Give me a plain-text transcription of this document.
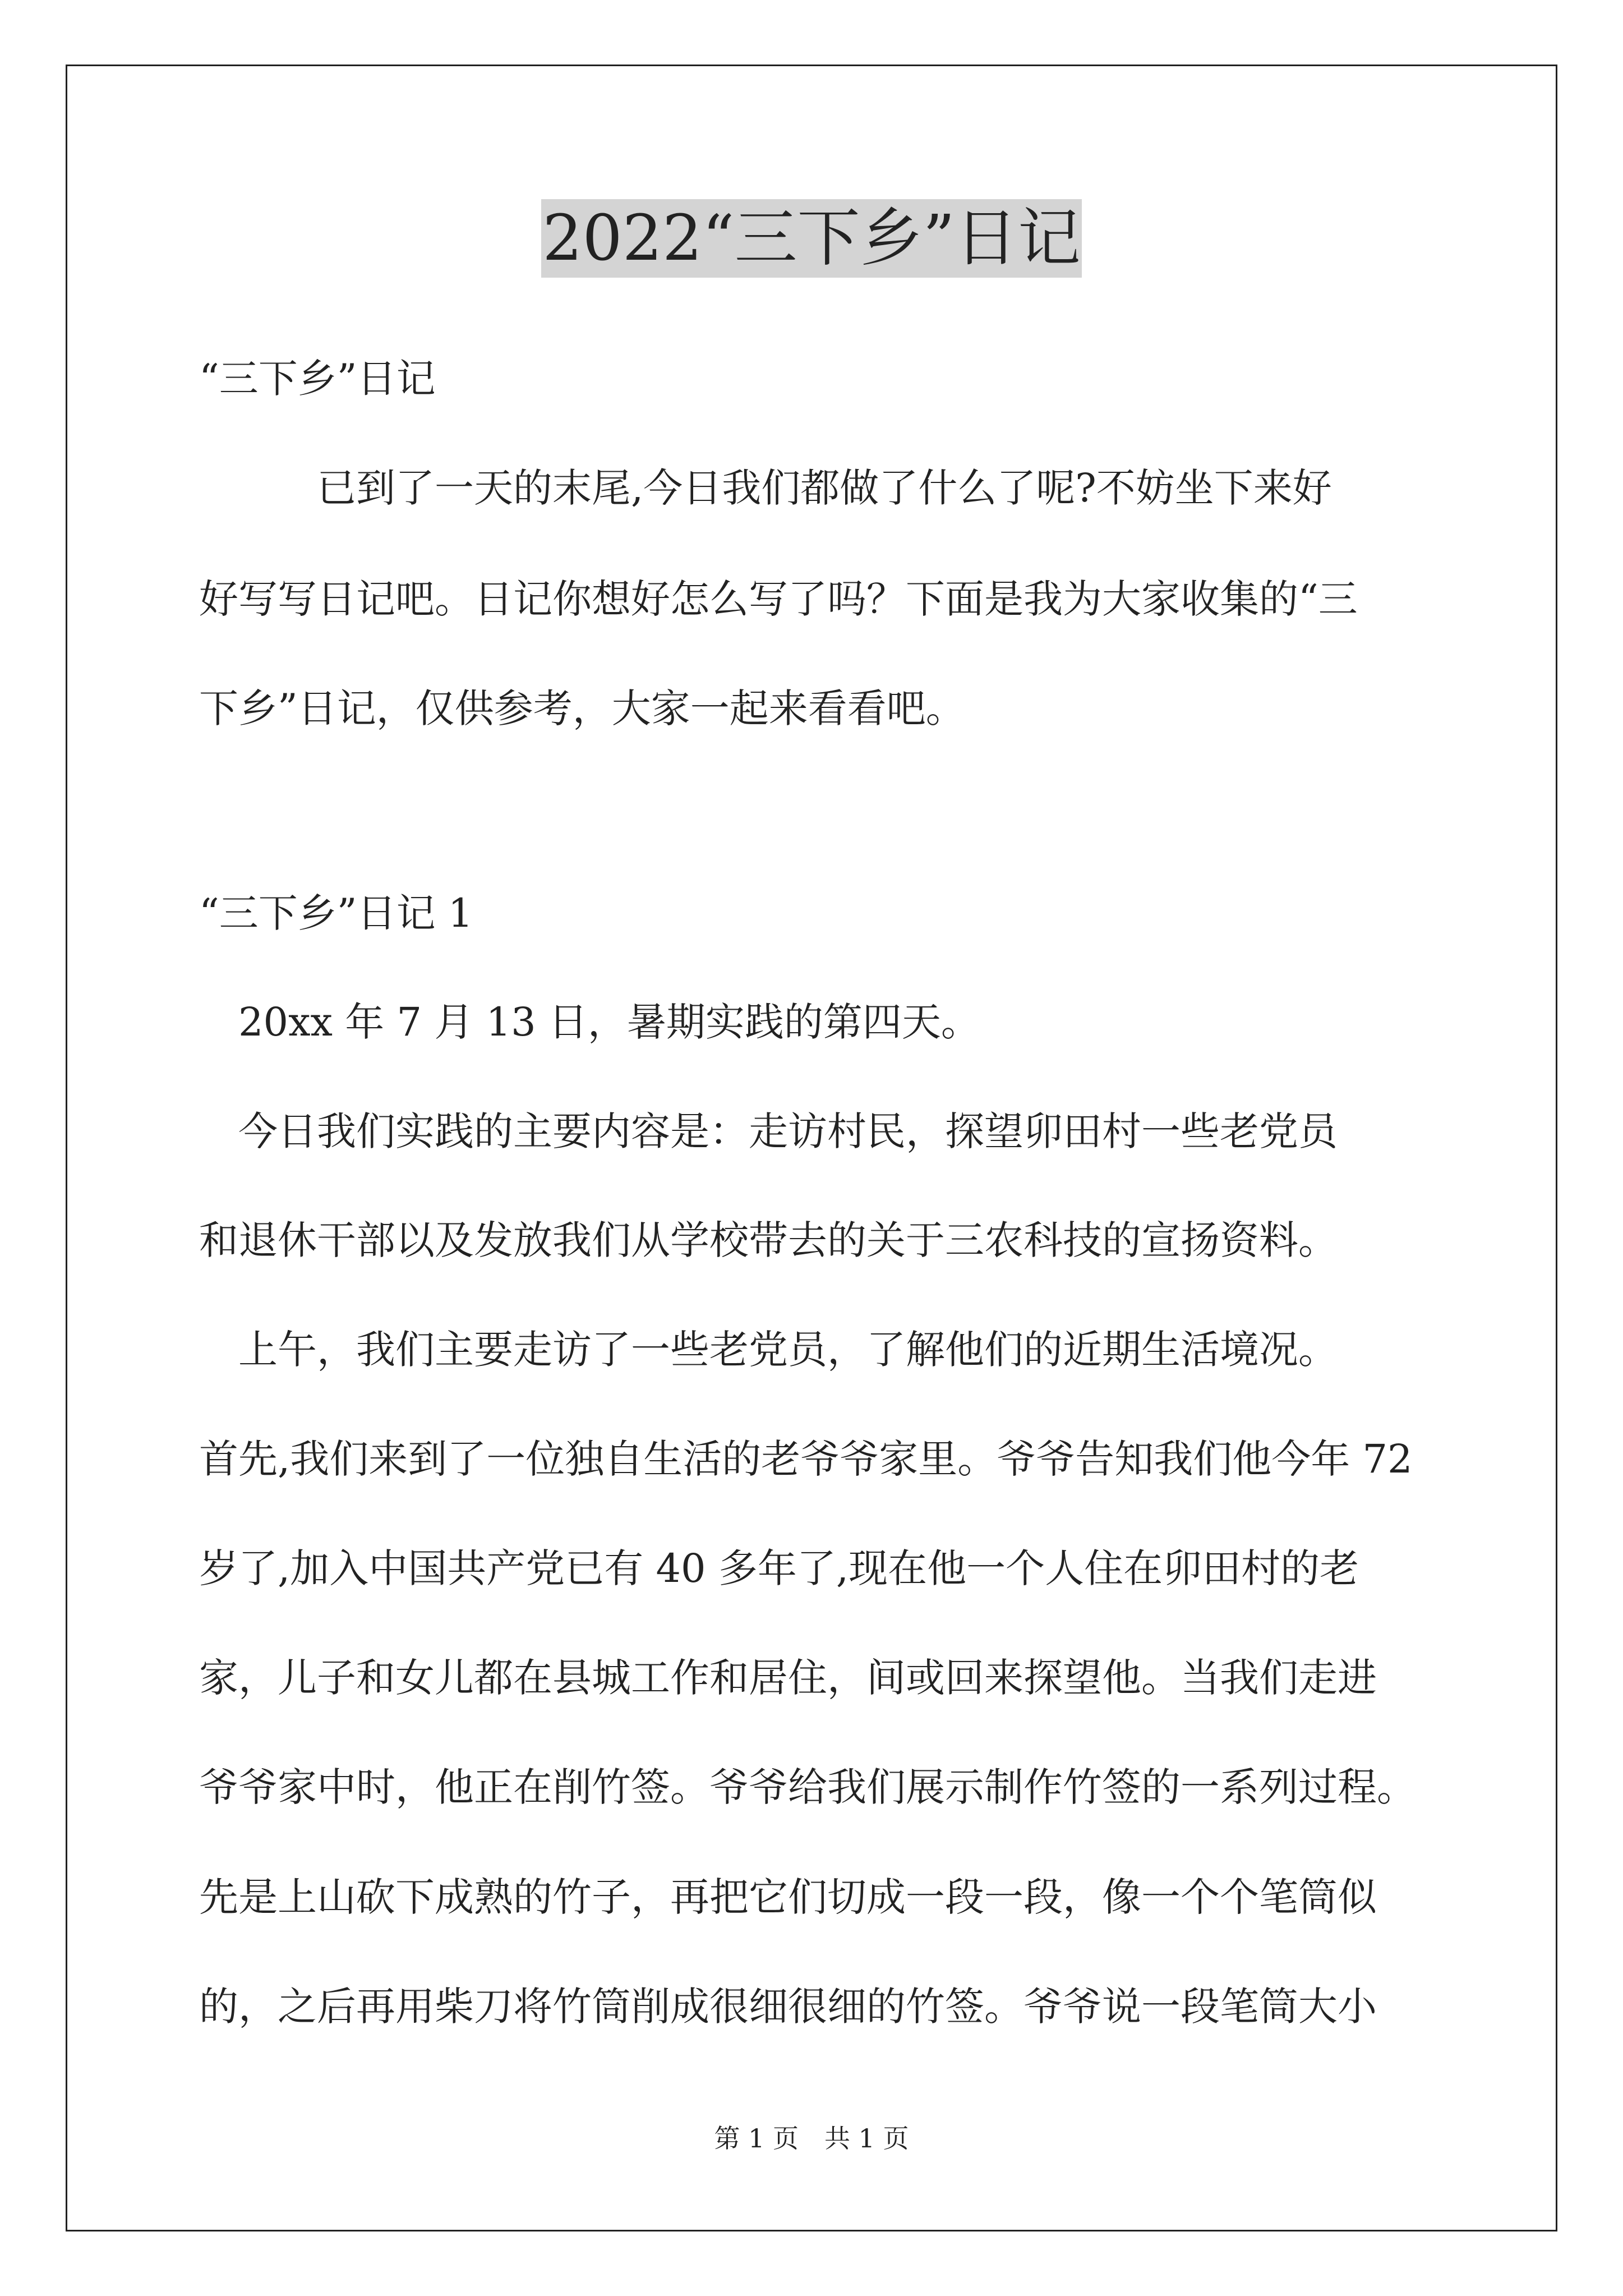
2022“三下乡”日记
“三下乡”日记
　　　已到了一天的末尾,今日我们都做了什么了呢?不妨坐下来好
好写写日记吧。日记你想好怎么写了吗？下面是我为大家收集的“三
下乡”日记，仅供参考，大家一起来看看吧。
“三下乡”日记 1
　20xx 年 7 月 13 日，暑期实践的第四天。
　今日我们实践的主要内容是：走访村民，探望卯田村一些老党员
和退休干部以及发放我们从学校带去的关于三农科技的宣扬资料。
　上午，我们主要走访了一些老党员，了解他们的近期生活境况。
首先,我们来到了一位独自生活的老爷爷家里。爷爷告知我们他今年 72
岁了,加入中国共产党已有 40 多年了,现在他一个人住在卯田村的老
家，儿子和女儿都在县城工作和居住，间或回来探望他。当我们走进
爷爷家中时，他正在削竹签。爷爷给我们展示制作竹签的一系列过程。
先是上山砍下成熟的竹子，再把它们切成一段一段，像一个个笔筒似
的，之后再用柴刀将竹筒削成很细很细的竹签。爷爷说一段笔筒大小
第 1 页　共 1 页
